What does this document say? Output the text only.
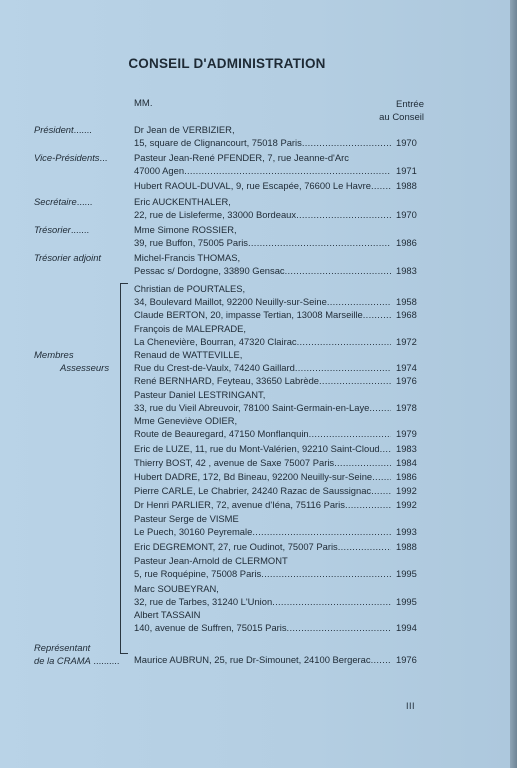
CONSEIL D'ADMINISTRATION
MM.	Entrée
au Conseil
Président.......	Dr Jean de VERBIZIER,
15, square de Clignancourt, 75018 Paris .....	1970
Vice-Présidents...	Pasteur Jean-René PFENDER, 7, rue Jeanne-d'Arc
47000 Agen .....	1971
Hubert RAOUL-DUVAL, 9, rue Escapée, 76600 Le Havre .....	1988
Secrétaire......	Eric AUCKENTHALER,
22, rue de Lisleferme, 33000 Bordeaux .....	1970
Trésorier.......	Mme Simone ROSSIER,
39, rue Buffon, 75005 Paris .....	1986
Trésorier adjoint	Michel-Francis THOMAS,
Pessac s/ Dordogne, 33890 Gensac .....	1983
Membres
Assesseurs
Christian de POURTALES,
34, Boulevard Maillot, 92200 Neuilly-sur-Seine .....	1958
Claude BERTON, 20, impasse Tertian, 13008 Marseille .....	1968
François de MALEPRADE,
La Chenevière, Bourran, 47320 Clairac .....	1972
Renaud de WATTEVILLE,
Rue du Crest-de-Vaulx, 74240 Gaillard .....	1974
René BERNHARD, Feyteau, 33650 Labrède .....	1976
Pasteur Daniel LESTRINGANT,
33, rue du Vieil Abreuvoir, 78100 Saint-Germain-en-Laye .....	1978
Mme Geneviève ODIER,
Route de Beauregard, 47150 Monflanquin .....	1979
Eric de LUZE, 11, rue du Mont-Valérien, 92210 Saint-Cloud ..... 1983
Thierry BOST, 42 , avenue de Saxe 75007 Paris .....	1984
Hubert DADRE, 172, Bd Bineau, 92200 Neuilly-sur-Seine .....	1986
Pierre CARLE, Le Chabrier, 24240 Razac de Saussignac .....	1992
Dr Henri PARLIER, 72, avenue d'Iéna, 75116 Paris .....	1992
Pasteur Serge de VISME
Le Puech, 30160 Peyremale .....	1993
Eric DEGREMONT, 27, rue Oudinot, 75007 Paris .....	1988
Pasteur Jean-Arnold de CLERMONT
5, rue Roquépine, 75008 Paris .....	1995
Marc SOUBEYRAN,
32, rue de Tarbes, 31240 L'Union .....	1995
Albert TASSAIN
140, avenue de Suffren, 75015 Paris .....	1994
Représentant
de la CRAMA .......... Maurice AUBRUN, 25, rue Dr-Simounet, 24100 Bergerac .....	1976
III
